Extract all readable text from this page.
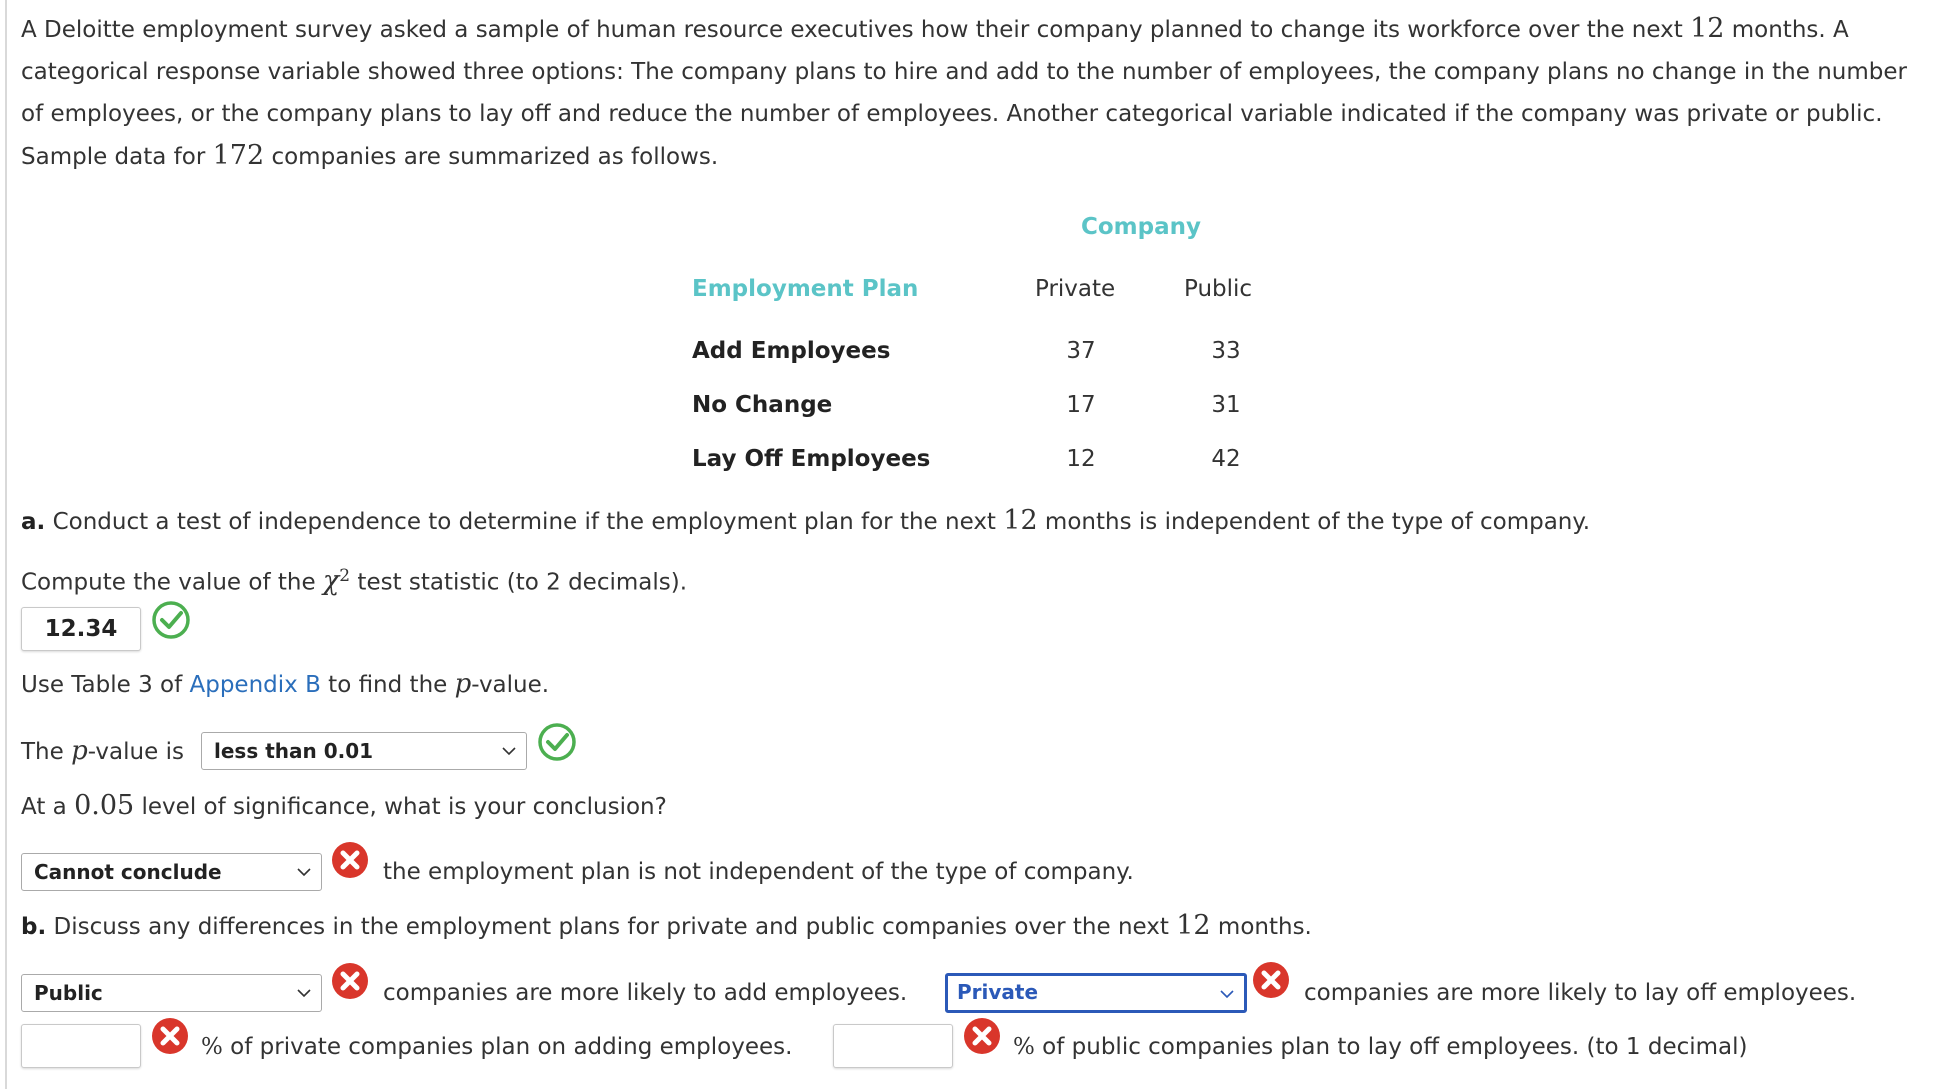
A Deloitte employment survey asked a sample of human resource executives how their company planned to change its workforce over the next 12 months. A categorical response variable showed three options: The company plans to hire and add to the number of employees, the company plans no change in the number of employees, or the company plans to lay off and reduce the number of employees. Another categorical variable indicated if the company was private or public. Sample data for 172 companies are summarized as follows.
Company
Employment Plan	Private	Public
Add Employees	37	33
No Change	17	31
Lay Off Employees	12	42
a. Conduct a test of independence to determine if the employment plan for the next 12 months is independent of the type of company.
Compute the value of the $\chi^2$ test statistic (to 2 decimals).
12.34
Use Table 3 of Appendix B to find the p-value.
The p-value is	less than 0.01
At a 0.05 level of significance, what is your conclusion?
Cannot conclude	the employment plan is not independent of the type of company.
b. Discuss any differences in the employment plans for private and public companies over the next 12 months.
Public	companies are more likely to add employees.	Private	companies are more likely to lay off employees.
% of private companies plan on adding employees.	% of public companies plan to lay off employees. (to 1 decimal)
